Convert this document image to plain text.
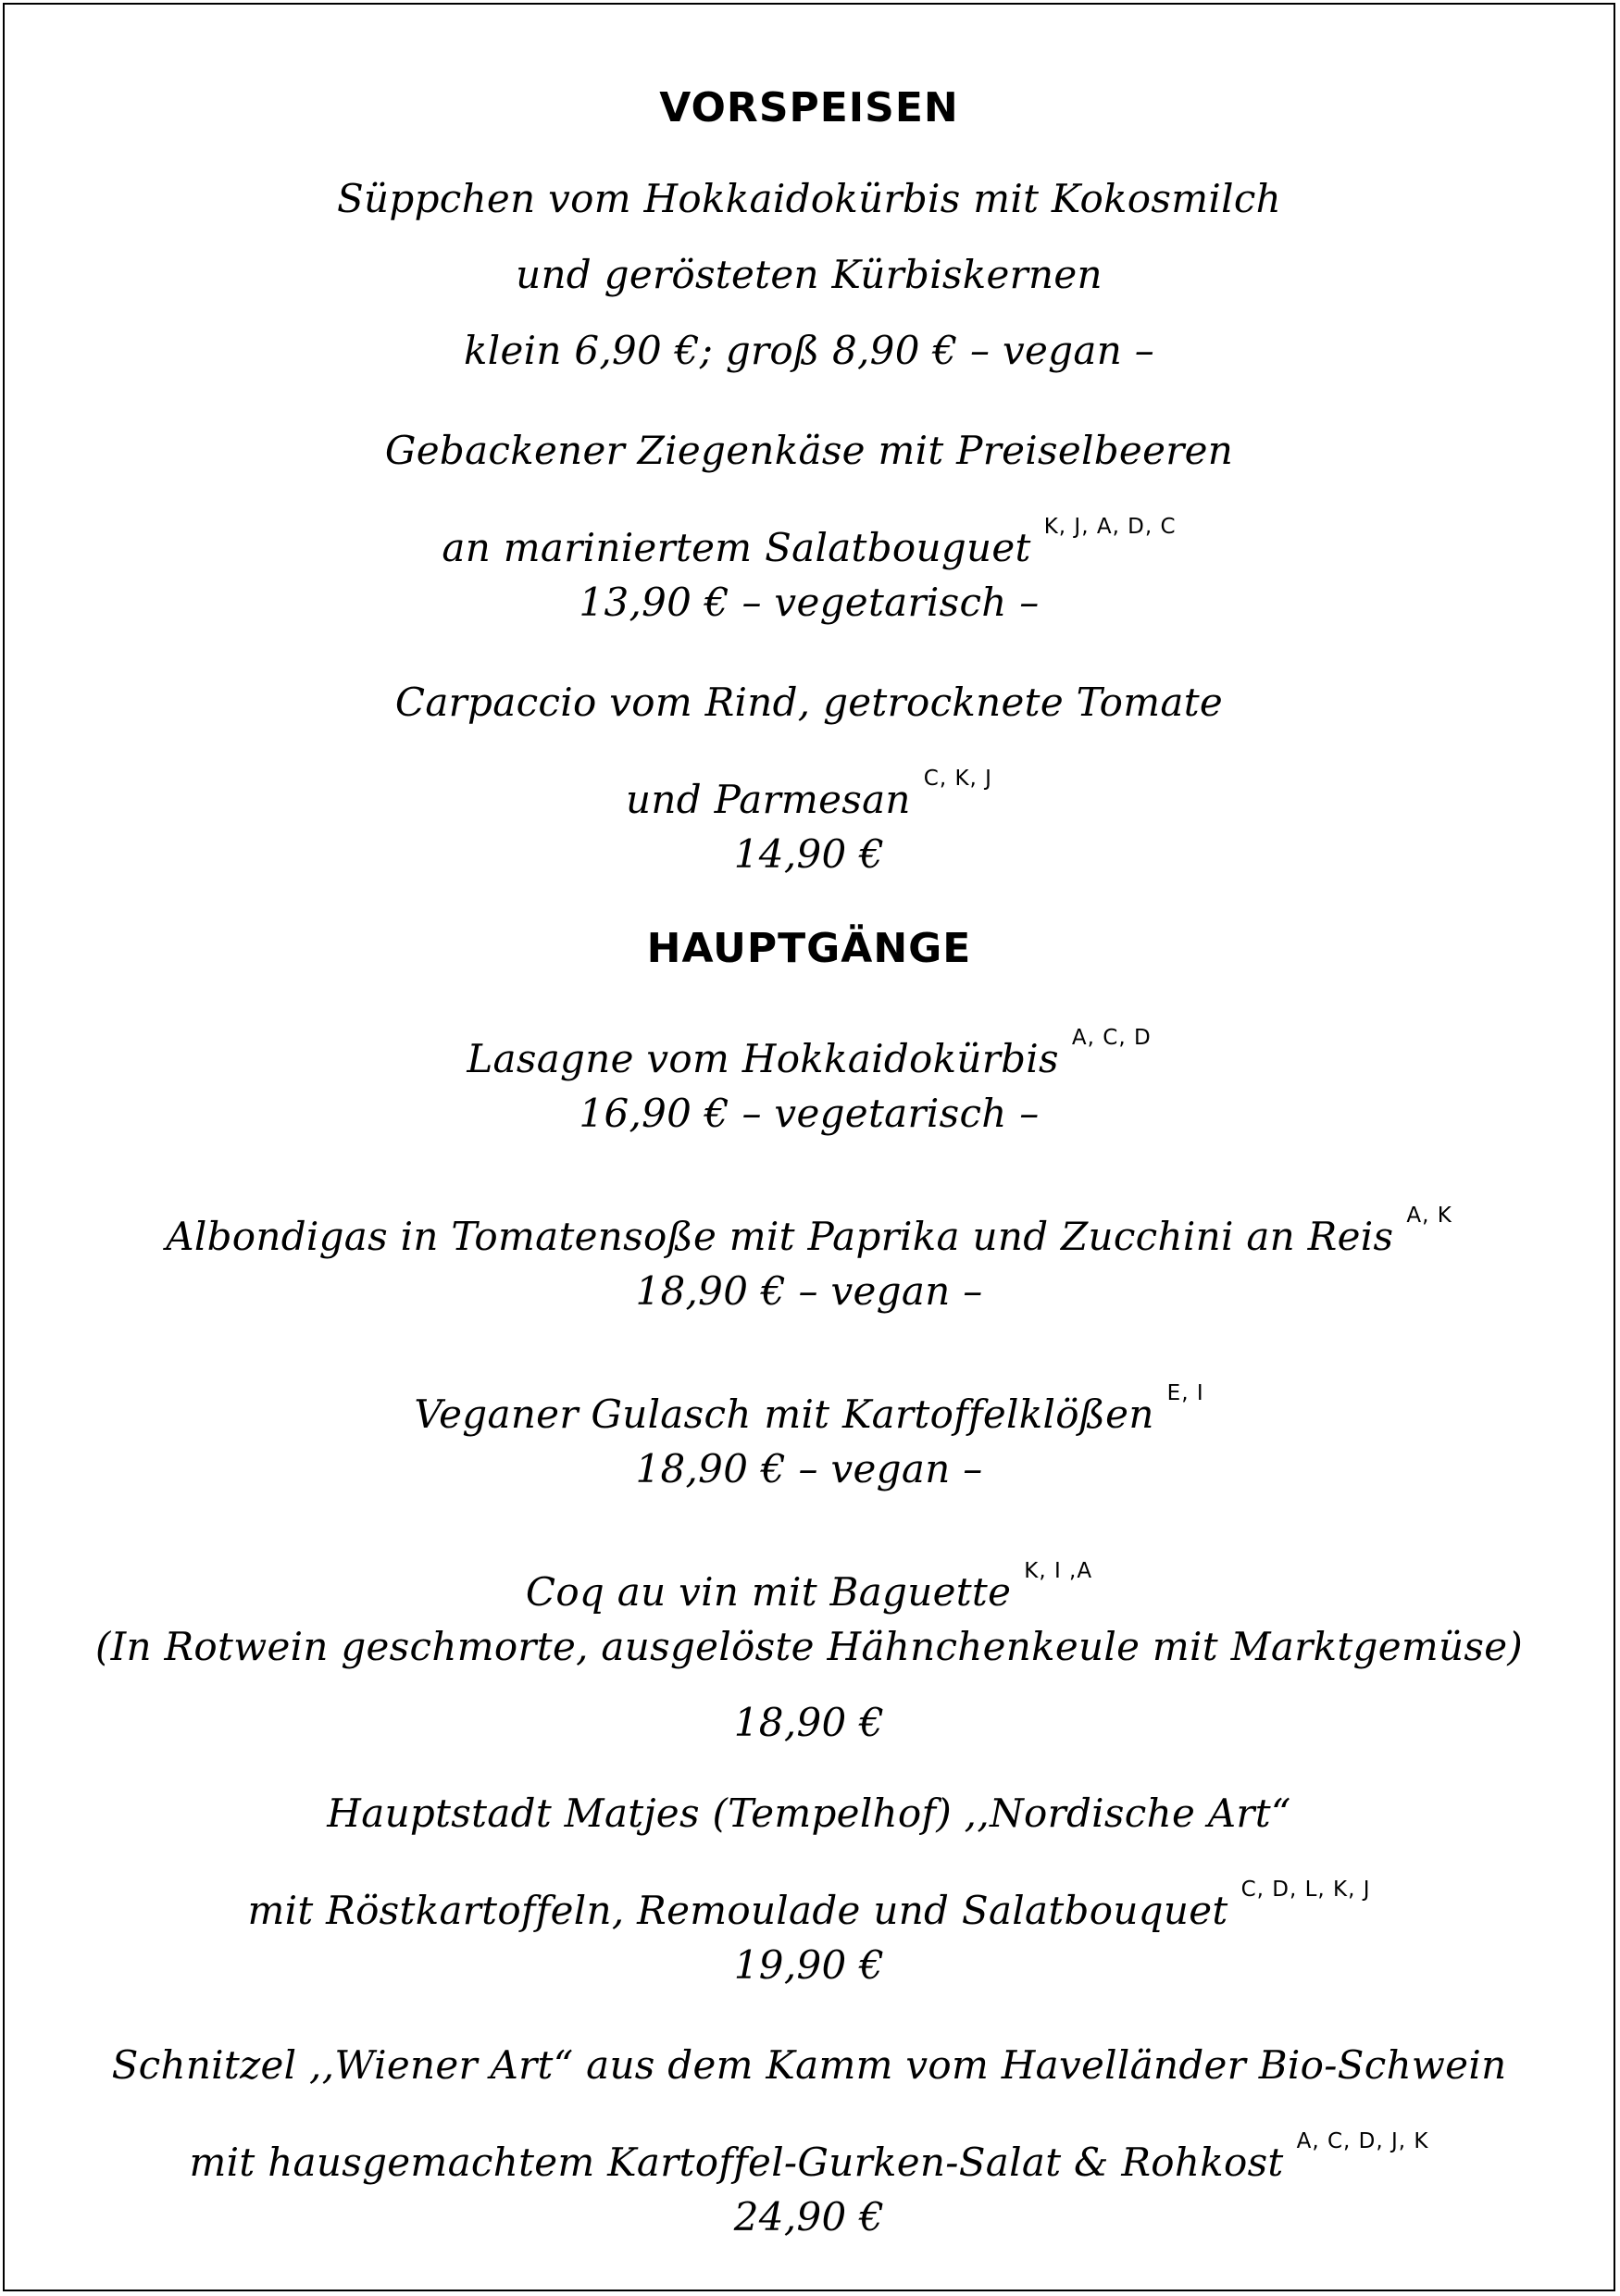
VORSPEISEN
Süppchen vom Hokkaidokürbis mit Kokosmilch
und gerösteten Kürbiskernen
klein 6,90 €; groß 8,90 € – vegan –
Gebackener Ziegenkäse mit Preiselbeeren
an mariniertem Salatbouguet $^{K, J, A, D, C}$
13,90 € – vegetarisch –
Carpaccio vom Rind, getrocknete Tomate
und Parmesan $^{C, K, J}$
14,90 €
HAUPTGÄNGE
Lasagne vom Hokkaidokürbis $^{A, C, D}$
16,90 € – vegetarisch –
Albondigas in Tomatensoße mit Paprika und Zucchini an Reis $^{A, K}$
18,90 € – vegan –
Veganer Gulasch mit Kartoffelklößen $^{E, I}$
18,90 € – vegan –
Coq au vin mit Baguette $^{K, I ,A}$
(In Rotwein geschmorte, ausgelöste Hähnchenkeule mit Marktgemüse)
18,90 €
Hauptstadt Matjes (Tempelhof) ,,Nordische Art“
mit Röstkartoffeln, Remoulade und Salatbouquet $^{C, D, L, K, J}$
19,90 €
Schnitzel ,,Wiener Art“ aus dem Kamm vom Havelländer Bio-Schwein
mit hausgemachtem Kartoffel-Gurken-Salat & Rohkost $^{A, C, D, J, K}$
24,90 €
